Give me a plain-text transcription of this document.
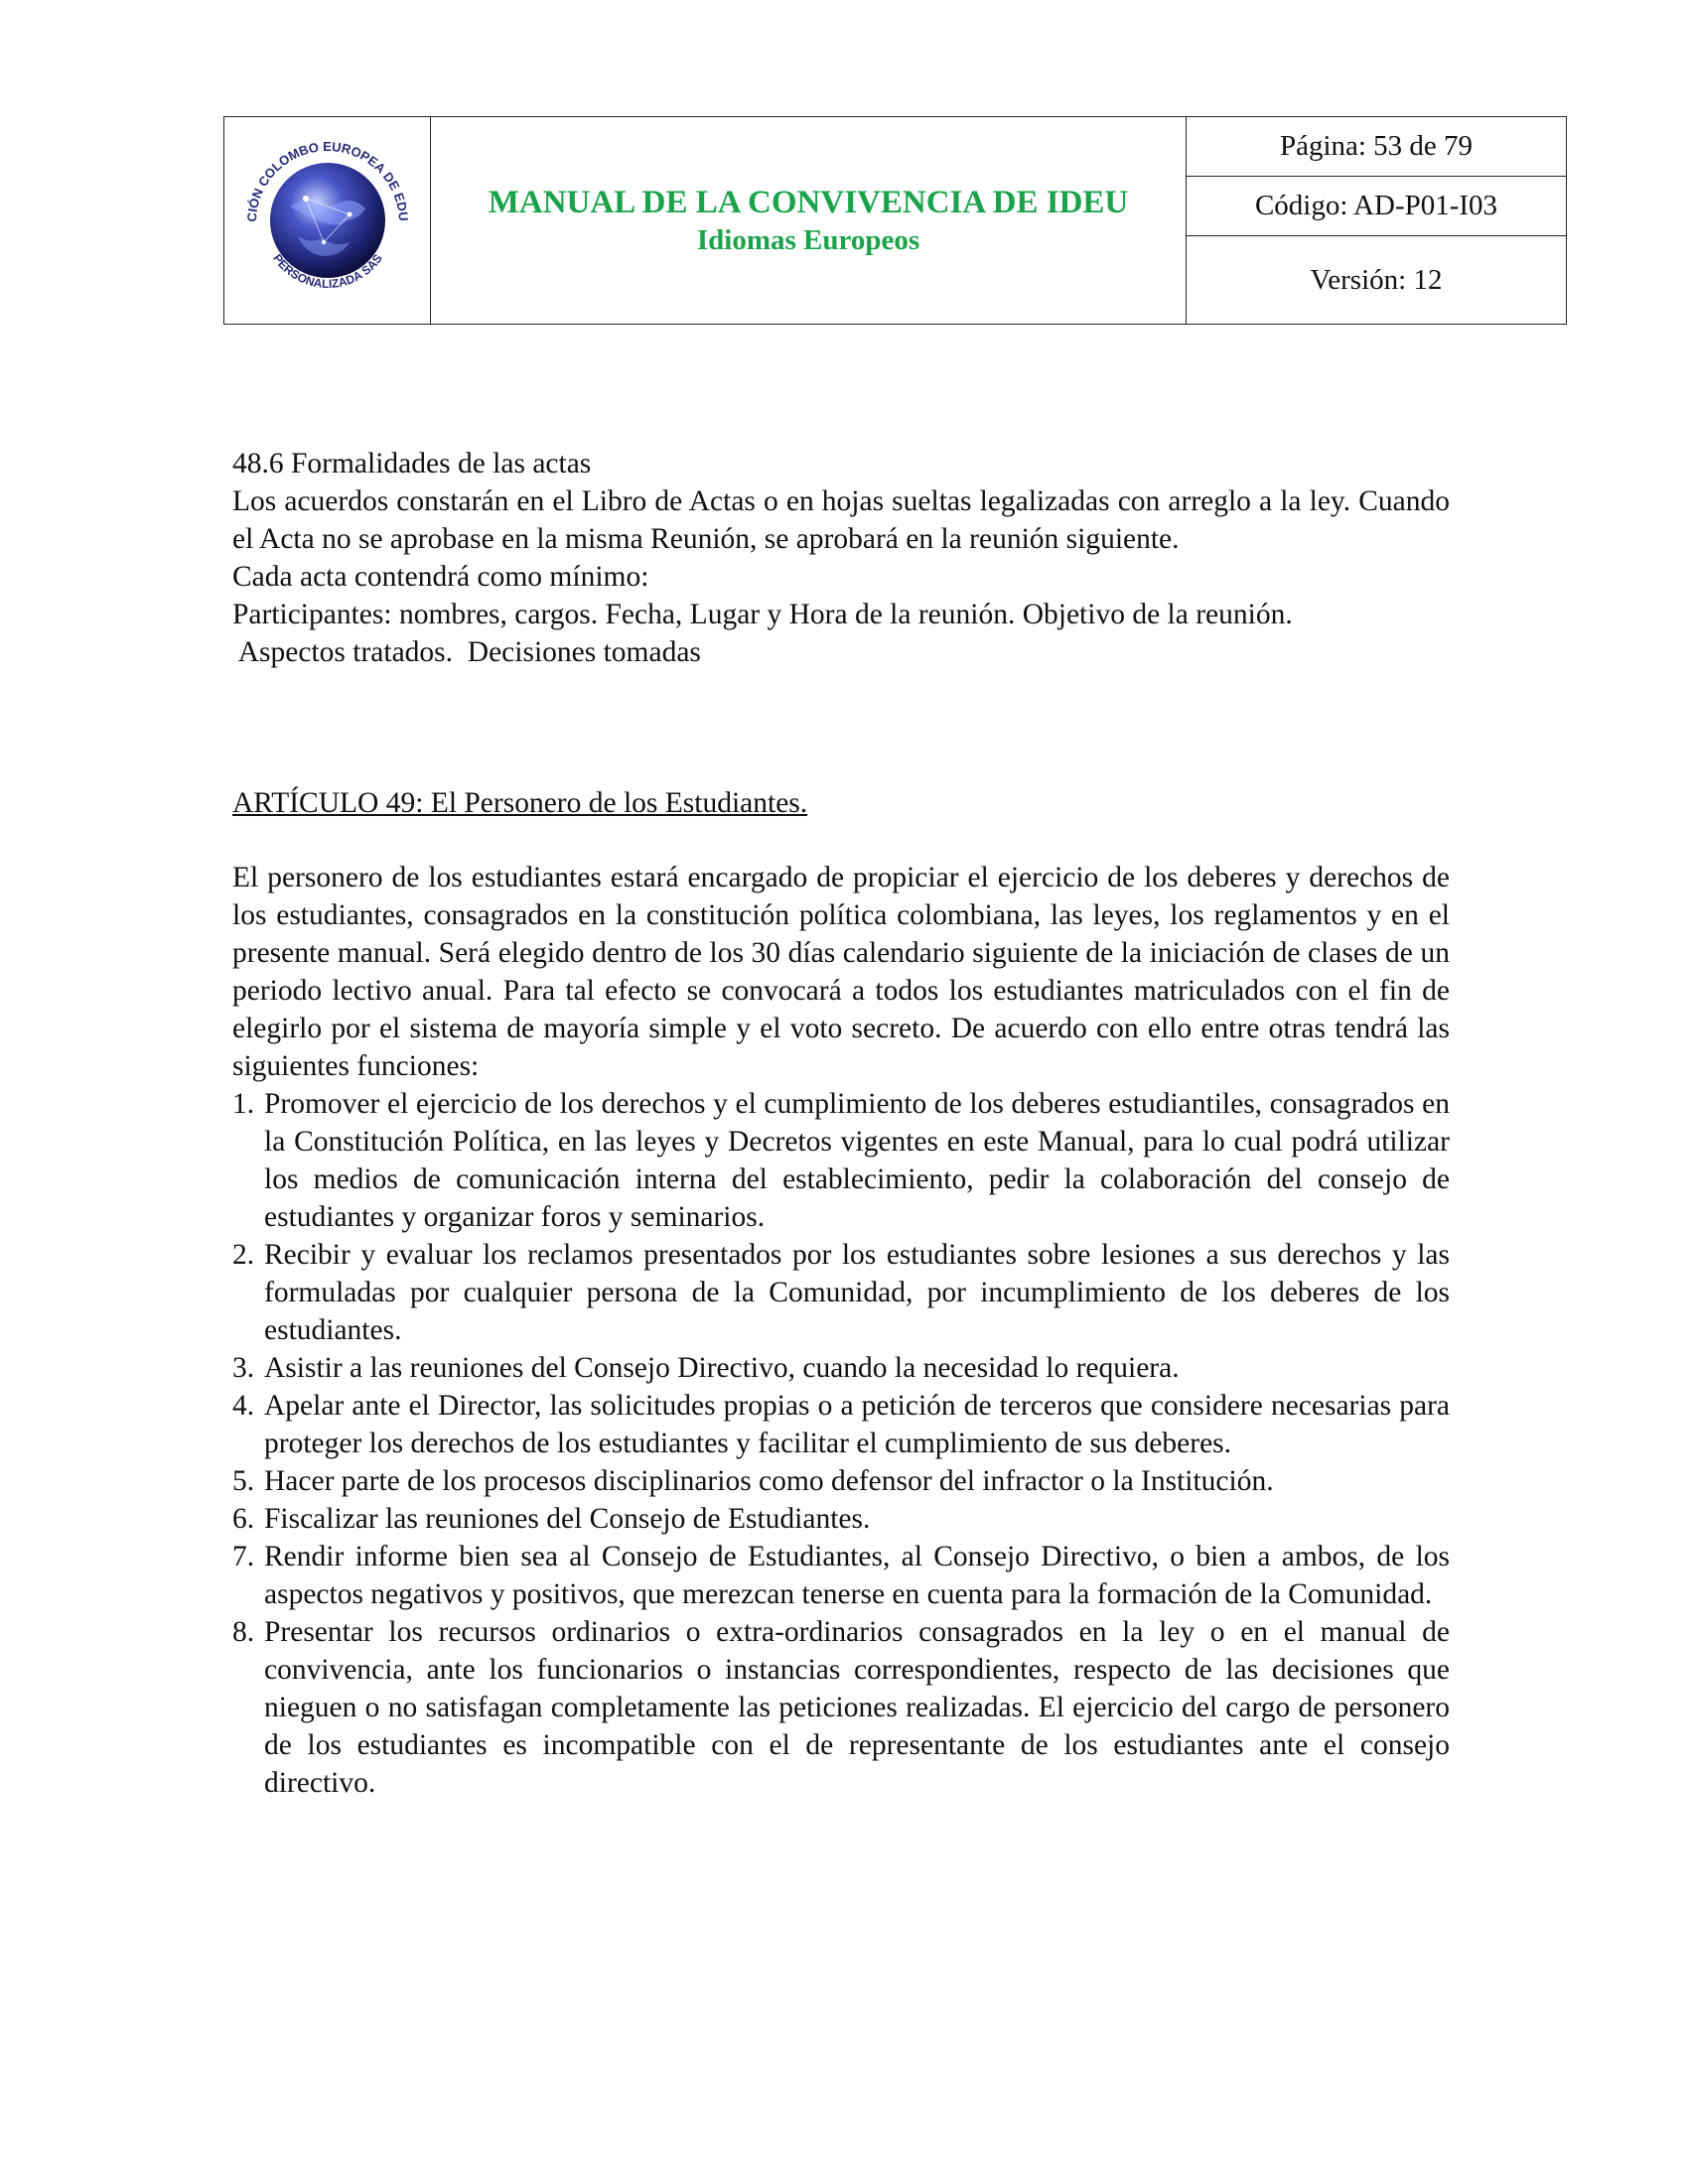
CIÓN COLOMBO EUROPEA DE EDU
PERSONALIZADA SAS

MANUAL DE LA CONVIVENCIA DE IDEU
Idiomas Europeos
	Página: 53 de 79
Código: AD-P01-I03
Versión: 12

48.6 Formalidades de las actas

Los acuerdos constarán en el Libro de Actas o en hojas sueltas legalizadas con arreglo a la ley. Cuando el Acta no se aprobase en la misma Reunión, se aprobará en la reunión siguiente.

Cada acta contendrá como mínimo:

Participantes: nombres, cargos. Fecha, Lugar y Hora de la reunión. Objetivo de la reunión.

Aspectos tratados.  Decisiones tomadas

ARTÍCULO 49: El Personero de los Estudiantes.

El personero de los estudiantes estará encargado de propiciar el ejercicio de los deberes y derechos de los estudiantes, consagrados en la constitución política colombiana, las leyes, los reglamentos y en el presente manual. Será elegido dentro de los 30 días calendario siguiente de la iniciación de clases de un periodo lectivo anual. Para tal efecto se convocará a todos los estudiantes matriculados con el fin de elegirlo por el sistema de mayoría simple y el voto secreto. De acuerdo con ello entre otras tendrá las siguientes funciones:

1. Promover el ejercicio de los derechos y el cumplimiento de los deberes estudiantiles, consagrados en la Constitución Política, en las leyes y Decretos vigentes en este Manual, para lo cual podrá utilizar los medios de comunicación interna del establecimiento, pedir la colaboración del consejo de estudiantes y organizar foros y seminarios.
2. Recibir y evaluar los reclamos presentados por los estudiantes sobre lesiones a sus derechos y las formuladas por cualquier persona de la Comunidad, por incumplimiento de los deberes de los estudiantes.
3. Asistir a las reuniones del Consejo Directivo, cuando la necesidad lo requiera.
4. Apelar ante el Director, las solicitudes propias o a petición de terceros que considere necesarias para proteger los derechos de los estudiantes y facilitar el cumplimiento de sus deberes.
5. Hacer parte de los procesos disciplinarios como defensor del infractor o la Institución.
6. Fiscalizar las reuniones del Consejo de Estudiantes.
7. Rendir informe bien sea al Consejo de Estudiantes, al Consejo Directivo, o bien a ambos, de los aspectos negativos y positivos, que merezcan tenerse en cuenta para la formación de la Comunidad.
8. Presentar los recursos ordinarios o extra-ordinarios consagrados en la ley o en el manual de convivencia, ante los funcionarios o instancias correspondientes, respecto de las decisiones que nieguen o no satisfagan completamente las peticiones realizadas. El ejercicio del cargo de personero de los estudiantes es incompatible con el de representante de los estudiantes ante el consejo directivo.
